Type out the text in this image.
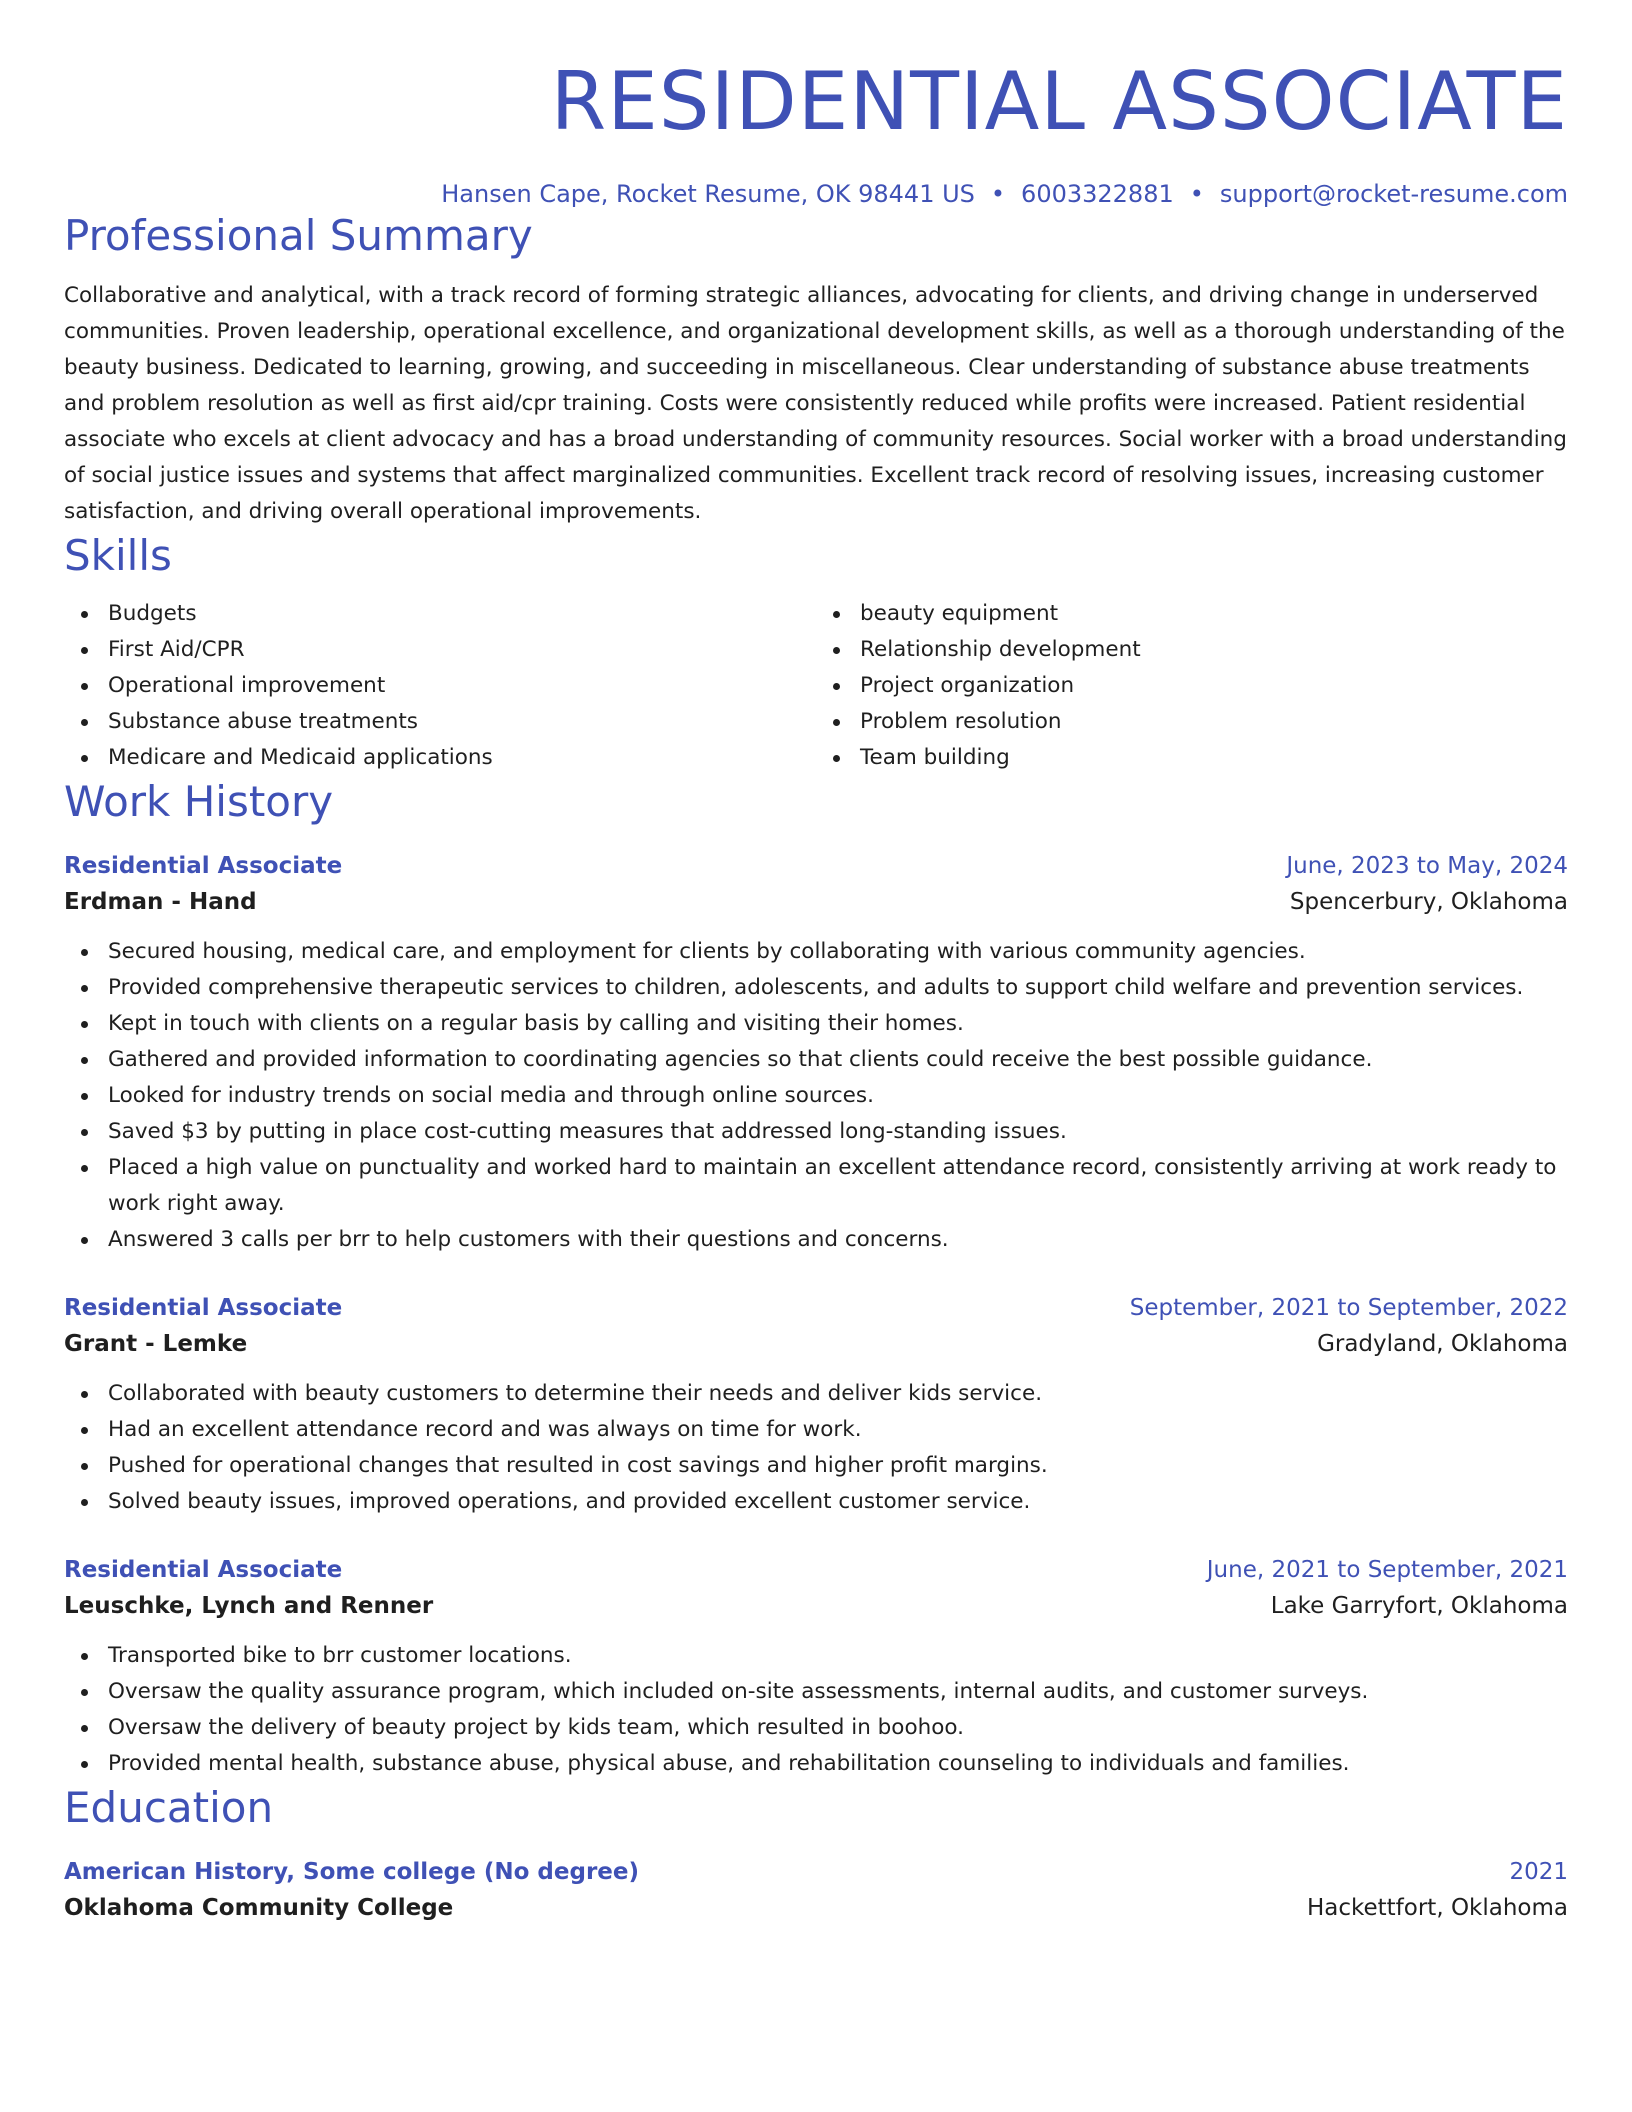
RESIDENTIAL ASSOCIATE
Hansen Cape, Rocket Resume, OK 98441 US • 6003322881 • support@rocket-resume.com
Professional Summary

Collaborative and analytical, with a track record of forming strategic alliances, advocating for clients, and driving change in underserved communities. Proven leadership, operational excellence, and organizational development skills, as well as a thorough understanding of the beauty business. Dedicated to learning, growing, and succeeding in miscellaneous. Clear understanding of substance abuse treatments and problem resolution as well as first aid/cpr training. Costs were consistently reduced while profits were increased. Patient residential associate who excels at client advocacy and has a broad understanding of community resources. Social worker with a broad understanding of social justice issues and systems that affect marginalized communities. Excellent track record of resolving issues, increasing customer satisfaction, and driving overall operational improvements.

Skills
Budgets
First Aid/CPR
Operational improvement
Substance abuse treatments
Medicare and Medicaid applications
beauty equipment
Relationship development
Project organization
Problem resolution
Team building
Work History
Residential Associate	June, 2023 to May, 2024
Erdman - Hand	Spencerbury, Oklahoma
Secured housing, medical care, and employment for clients by collaborating with various community agencies.
Provided comprehensive therapeutic services to children, adolescents, and adults to support child welfare and prevention services.
Kept in touch with clients on a regular basis by calling and visiting their homes.
Gathered and provided information to coordinating agencies so that clients could receive the best possible guidance.
Looked for industry trends on social media and through online sources.
Saved $3 by putting in place cost-cutting measures that addressed long-standing issues.
Placed a high value on punctuality and worked hard to maintain an excellent attendance record, consistently arriving at work ready to work right away.
Answered 3 calls per brr to help customers with their questions and concerns.
Residential Associate	September, 2021 to September, 2022
Grant - Lemke	Gradyland, Oklahoma
Collaborated with beauty customers to determine their needs and deliver kids service.
Had an excellent attendance record and was always on time for work.
Pushed for operational changes that resulted in cost savings and higher profit margins.
Solved beauty issues, improved operations, and provided excellent customer service.
Residential Associate	June, 2021 to September, 2021
Leuschke, Lynch and Renner	Lake Garryfort, Oklahoma
Transported bike to brr customer locations.
Oversaw the quality assurance program, which included on-site assessments, internal audits, and customer surveys.
Oversaw the delivery of beauty project by kids team, which resulted in boohoo.
Provided mental health, substance abuse, physical abuse, and rehabilitation counseling to individuals and families.
Education
American History, Some college (No degree)	2021
Oklahoma Community College	Hackettfort, Oklahoma
